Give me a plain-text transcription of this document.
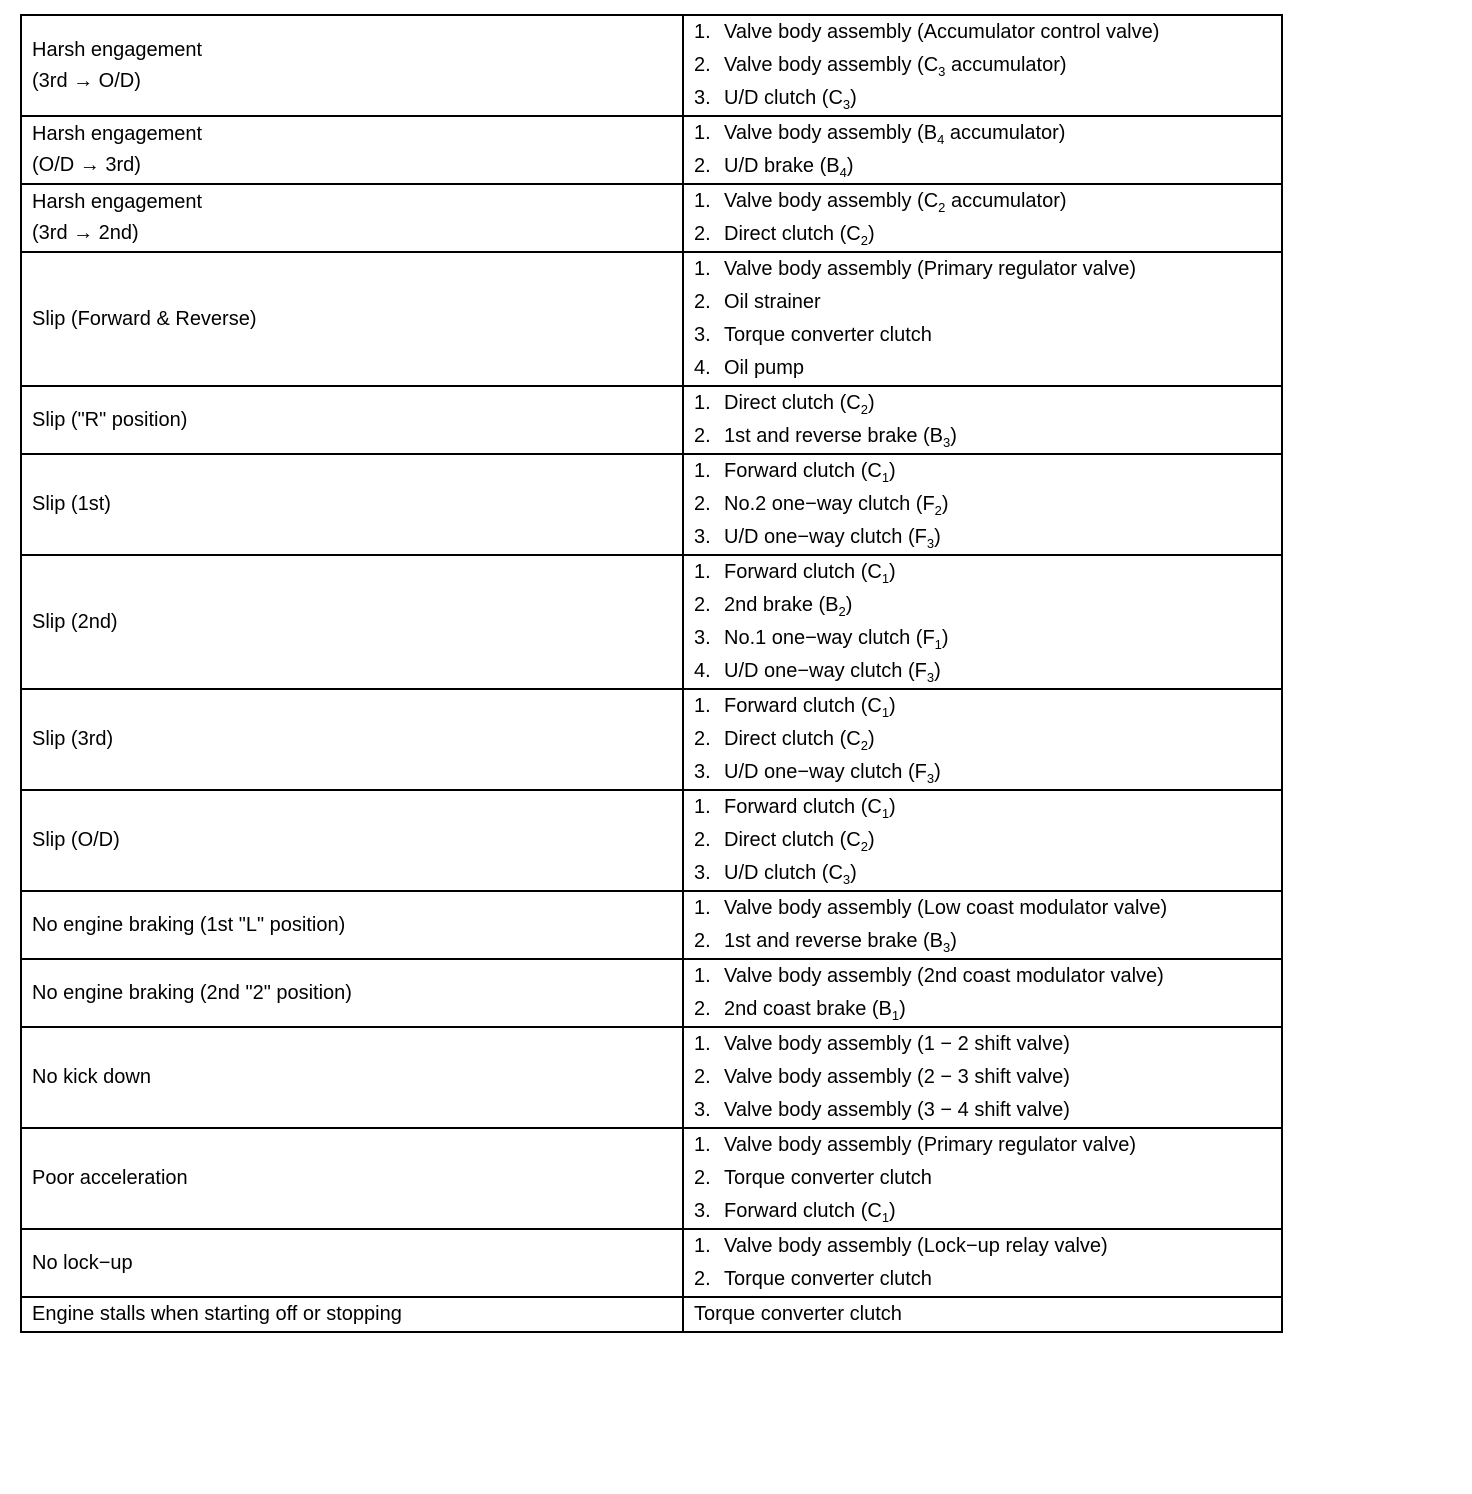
Harsh engagement
(3rd → O/D)	1. Valve body assembly (Accumulator control valve)
2. Valve body assembly ($C_3$ accumulator)
3. U/D clutch $(C_3)$

Harsh engagement
(O/D → 3rd)	1. Valve body assembly ($B_4$ accumulator)
2. U/D brake $(B_4)$

Harsh engagement
(3rd → 2nd)	1. Valve body assembly ($C_2$ accumulator)
2. Direct clutch $(C_2)$

Slip (Forward & Reverse)	1. Valve body assembly (Primary regulator valve)
2. Oil strainer
3. Torque converter clutch
4. Oil pump

Slip ("R" position)	1. Direct clutch $(C_2)$
2. 1st and reverse brake $(B_3)$

Slip (1st)	1. Forward clutch $(C_1)$
2. No.2 one−way clutch $(F_2)$
3. U/D one−way clutch $(F_3)$

Slip (2nd)	1. Forward clutch $(C_1)$
2. 2nd brake $(B_2)$
3. No.1 one−way clutch $(F_1)$
4. U/D one−way clutch $(F_3)$

Slip (3rd)	1. Forward clutch $(C_1)$
2. Direct clutch $(C_2)$
3. U/D one−way clutch $(F_3)$

Slip (O/D)	1. Forward clutch $(C_1)$
2. Direct clutch $(C_2)$
3. U/D clutch $(C_3)$

No engine braking (1st "L" position)	1. Valve body assembly (Low coast modulator valve)
2. 1st and reverse brake $(B_3)$

No engine braking (2nd "2" position)	1. Valve body assembly (2nd coast modulator valve)
2. 2nd coast brake $(B_1)$

No kick down	1. Valve body assembly (1 − 2 shift valve)
2. Valve body assembly (2 − 3 shift valve)
3. Valve body assembly (3 − 4 shift valve)

Poor acceleration	1. Valve body assembly (Primary regulator valve)
2. Torque converter clutch
3. Forward clutch $(C_1)$

No lock−up	1. Valve body assembly (Lock−up relay valve)
2. Torque converter clutch

Engine stalls when starting off or stopping	Torque converter clutch
